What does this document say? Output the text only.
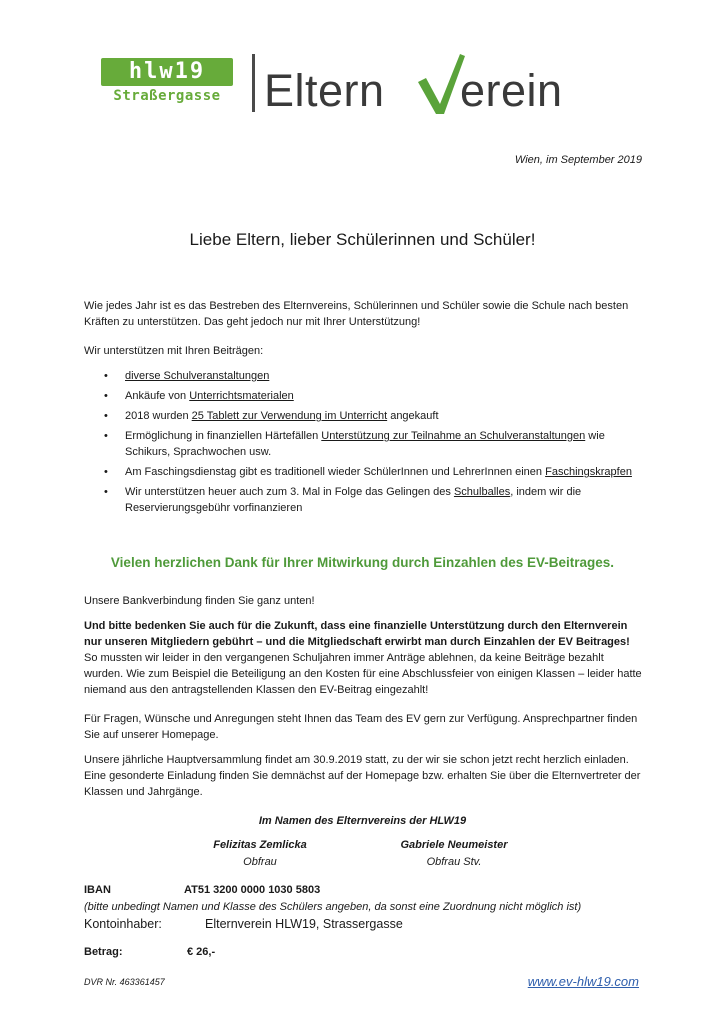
hlw19
Straßergasse Eltern erein
Wien, im September 2019
Liebe Eltern, lieber Schülerinnen und Schüler!
Wie jedes Jahr ist es das Bestreben des Elternvereins, Schülerinnen und Schüler sowie die Schule nach besten Kräften zu unterstützen. Das geht jedoch nur mit Ihrer Unterstützung!
Wir unterstützen mit Ihren Beiträgen:
• diverse Schulveranstaltungen
• Ankäufe von Unterrichtsmaterialen
• 2018 wurden 25 Tablett zur Verwendung im Unterricht angekauft
• Ermöglichung in finanziellen Härtefällen Unterstützung zur Teilnahme an Schulveranstaltungen wie Schikurs, Sprachwochen usw.
• Am Faschingsdienstag gibt es traditionell wieder SchülerInnen und LehrerInnen einen Faschingskrapfen
• Wir unterstützen heuer auch zum 3. Mal in Folge das Gelingen des Schulballes, indem wir die Reservierungsgebühr vorfinanzieren
Vielen herzlichen Dank für Ihrer Mitwirkung durch Einzahlen des EV-Beitrages.
Unsere Bankverbindung finden Sie ganz unten!
Und bitte bedenken Sie auch für die Zukunft, dass eine finanzielle Unterstützung durch den Elternverein nur unseren Mitgliedern gebührt – und die Mitgliedschaft erwirbt man durch Einzahlen der EV Beitrages! So mussten wir leider in den vergangenen Schuljahren immer Anträge ablehnen, da keine Beiträge bezahlt wurden. Wie zum Beispiel die Beteiligung an den Kosten für eine Abschlussfeier von einigen Klassen – leider hatte niemand aus den antragstellenden Klassen den EV-Beitrag eingezahlt!
Für Fragen, Wünsche und Anregungen steht Ihnen das Team des EV gern zur Verfügung. Ansprechpartner finden Sie auf unserer Homepage.
Unsere jährliche Hauptversammlung findet am 30.9.2019 statt, zu der wir sie schon jetzt recht herzlich einladen. Eine gesonderte Einladung finden Sie demnächst auf der Homepage bzw. erhalten Sie über die Elternvertreter der Klassen und Jahrgänge.
Im Namen des Elternvereins der HLW19
Felizitas Zemlicka
Obfrau
Gabriele Neumeister
Obfrau Stv.
IBAN	AT51 3200 0000 1030 5803
(bitte unbedingt Namen und Klasse des Schülers angeben, da sonst eine Zuordnung nicht möglich ist)
Kontoinhaber:	Elternverein HLW19, Strassergasse
Betrag:	€ 26,-
DVR Nr. 463361457	www.ev-hlw19.com
